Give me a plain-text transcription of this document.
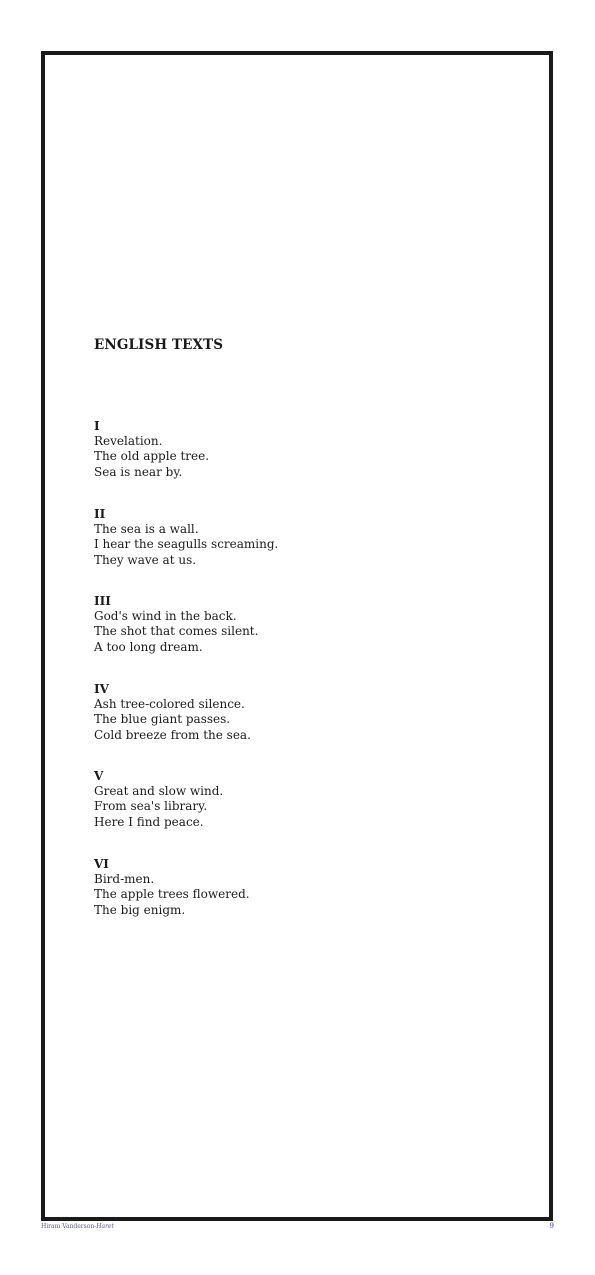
ENGLISH TEXTS
I
Revelation.
The old apple tree.
Sea is near by.
II
The sea is a wall.
I hear the seagulls screaming.
They wave at us.
III
God's wind in the back.
The shot that comes silent.
A too long dream.
IV
Ash tree-colored silence.
The blue giant passes.
Cold breeze from the sea.
V
Great and slow wind.
From sea's library.
Here I find peace.
VI
Bird-men.
The apple trees flowered.
The big enigm.
Hiram Vanderson-Haret	9
